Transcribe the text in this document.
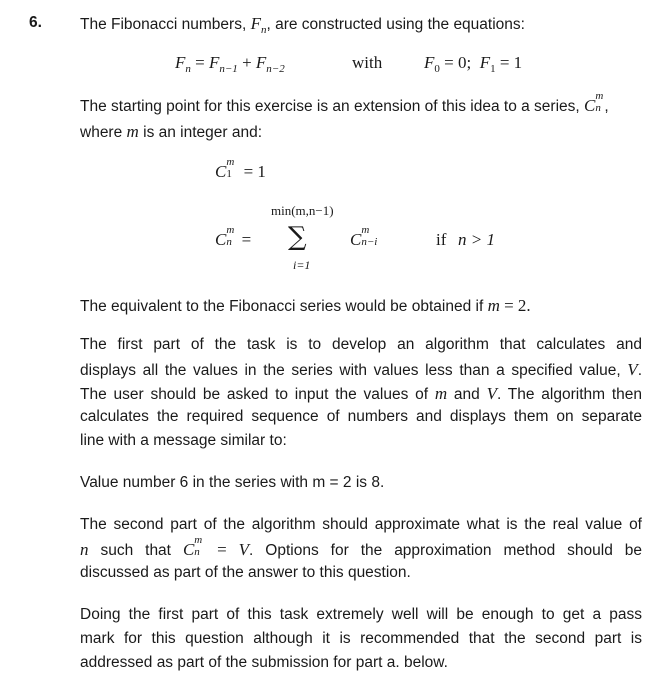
6. The Fibonacci numbers, $F_n$, are constructed using the equations:
$F_n = F_{n-1} + F_{n-2}$	with $F_0 = 0$; $F_1 = 1$
The starting point for this exercise is an extension of this idea to a series, C m
n ,
where m is an integer and:
C m
1 = 1
min(m,n−1)
C m
n = ∑
i=1
C m
n−i
	if n > 1
The equivalent to the Fibonacci series would be obtained if m = 2.
The first part of the task is to develop an algorithm that calculates and
displays all the values in the series with values less than a specified value, V.
The user should be asked to input the values of m and V. The algorithm then
calculates the required sequence of numbers and displays them on separate
line with a message similar to:
Value number 6 in the series with m = 2 is 8.
The second part of the algorithm should approximate what is the real value of
n such that C m
n = V. Options for the approximation method should be
discussed as part of the answer to this question.
Doing the first part of this task extremely well will be enough to get a pass
mark for this question although it is recommended that the second part is
addressed as part of the submission for part a. below.
